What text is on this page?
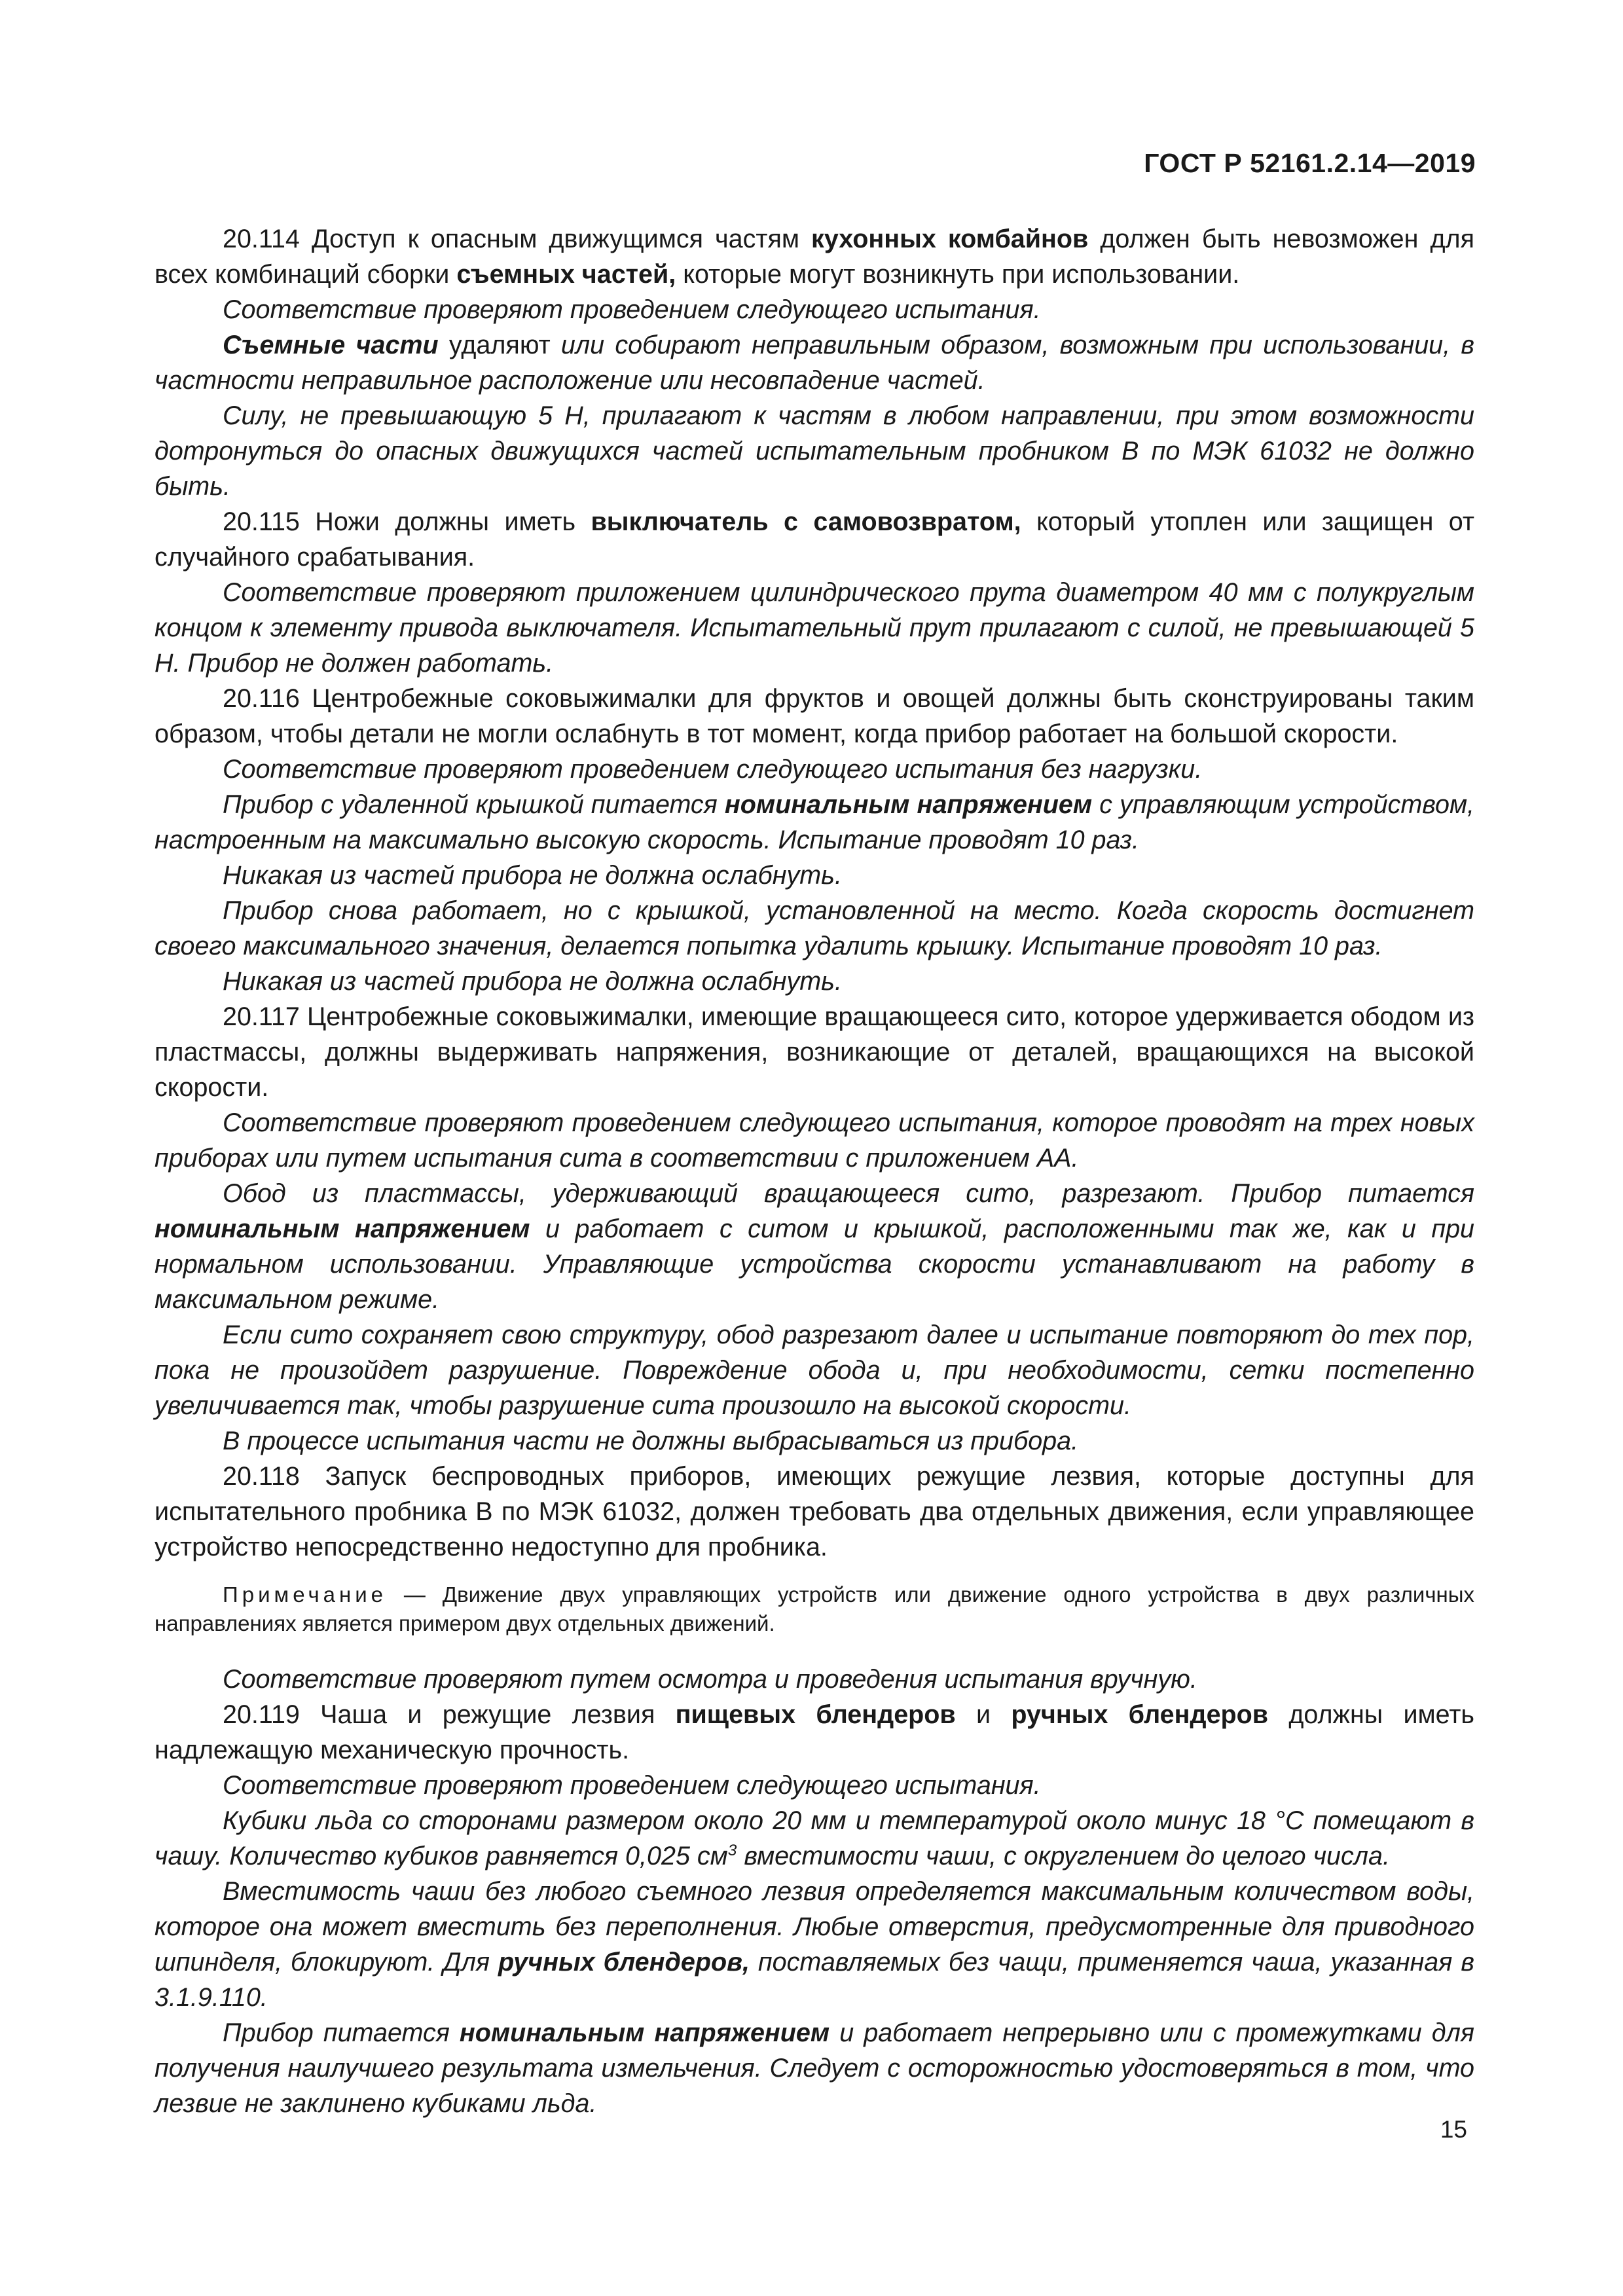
ГОСТ Р 52161.2.14—2019

20.114 Доступ к опасным движущимся частям кухонных комбайнов должен быть невозможен для всех комбинаций сборки съемных частей, которые могут возникнуть при использовании.

Соответствие проверяют проведением следующего испытания.

Съемные части удаляют или собирают неправильным образом, возможным при использовании, в частности неправильное расположение или несовпадение частей.

Силу, не превышающую 5 Н, прилагают к частям в любом направлении, при этом возможности дотронуться до опасных движущихся частей испытательным пробником В по МЭК 61032 не должно быть.

20.115 Ножи должны иметь выключатель с самовозвратом, который утоплен или защищен от случайного срабатывания.

Соответствие проверяют приложением цилиндрического прута диаметром 40 мм с полукруглым концом к элементу привода выключателя. Испытательный прут прилагают с силой, не превышающей 5 Н. Прибор не должен работать.

20.116 Центробежные соковыжималки для фруктов и овощей должны быть сконструированы таким образом, чтобы детали не могли ослабнуть в тот момент, когда прибор работает на большой скорости.

Соответствие проверяют проведением следующего испытания без нагрузки.

Прибор с удаленной крышкой питается номинальным напряжением с управляющим устройством, настроенным на максимально высокую скорость. Испытание проводят 10 раз.

Никакая из частей прибора не должна ослабнуть.

Прибор снова работает, но с крышкой, установленной на место. Когда скорость достигнет своего максимального значения, делается попытка удалить крышку. Испытание проводят 10 раз.

Никакая из частей прибора не должна ослабнуть.

20.117 Центробежные соковыжималки, имеющие вращающееся сито, которое удерживается ободом из пластмассы, должны выдерживать напряжения, возникающие от деталей, вращающихся на высокой скорости.

Соответствие проверяют проведением следующего испытания, которое проводят на трех новых приборах или путем испытания сита в соответствии с приложением АА.

Обод из пластмассы, удерживающий вращающееся сито, разрезают. Прибор питается номинальным напряжением и работает с ситом и крышкой, расположенными так же, как и при нормальном использовании. Управляющие устройства скорости устанавливают на работу в максимальном режиме.

Если сито сохраняет свою структуру, обод разрезают далее и испытание повторяют до тех пор, пока не произойдет разрушение. Повреждение обода и, при необходимости, сетки постепенно увеличивается так, чтобы разрушение сита произошло на высокой скорости.

В процессе испытания части не должны выбрасываться из прибора.

20.118 Запуск беспроводных приборов, имеющих режущие лезвия, которые доступны для испытательного пробника В по МЭК 61032, должен требовать два отдельных движения, если управляющее устройство непосредственно недоступно для пробника.

Примечание — Движение двух управляющих устройств или движение одного устройства в двух различных направлениях является примером двух отдельных движений.

Соответствие проверяют путем осмотра и проведения испытания вручную.

20.119 Чаша и режущие лезвия пищевых блендеров и ручных блендеров должны иметь надлежащую механическую прочность.

Соответствие проверяют проведением следующего испытания.

Кубики льда со сторонами размером около 20 мм и температурой около минус 18 °С помещают в чашу. Количество кубиков равняется 0,025 $см^3$ вместимости чаши, с округлением до целого числа.

Вместимость чаши без любого съемного лезвия определяется максимальным количеством воды, которое она может вместить без переполнения. Любые отверстия, предусмотренные для приводного шпинделя, блокируют. Для ручных блендеров, поставляемых без чащи, применяется чаша, указанная в 3.1.9.110.

Прибор питается номинальным напряжением и работает непрерывно или с промежутками для получения наилучшего результата измельчения. Следует с осторожностью удостоверяться в том, что лезвие не заклинено кубиками льда.

15
